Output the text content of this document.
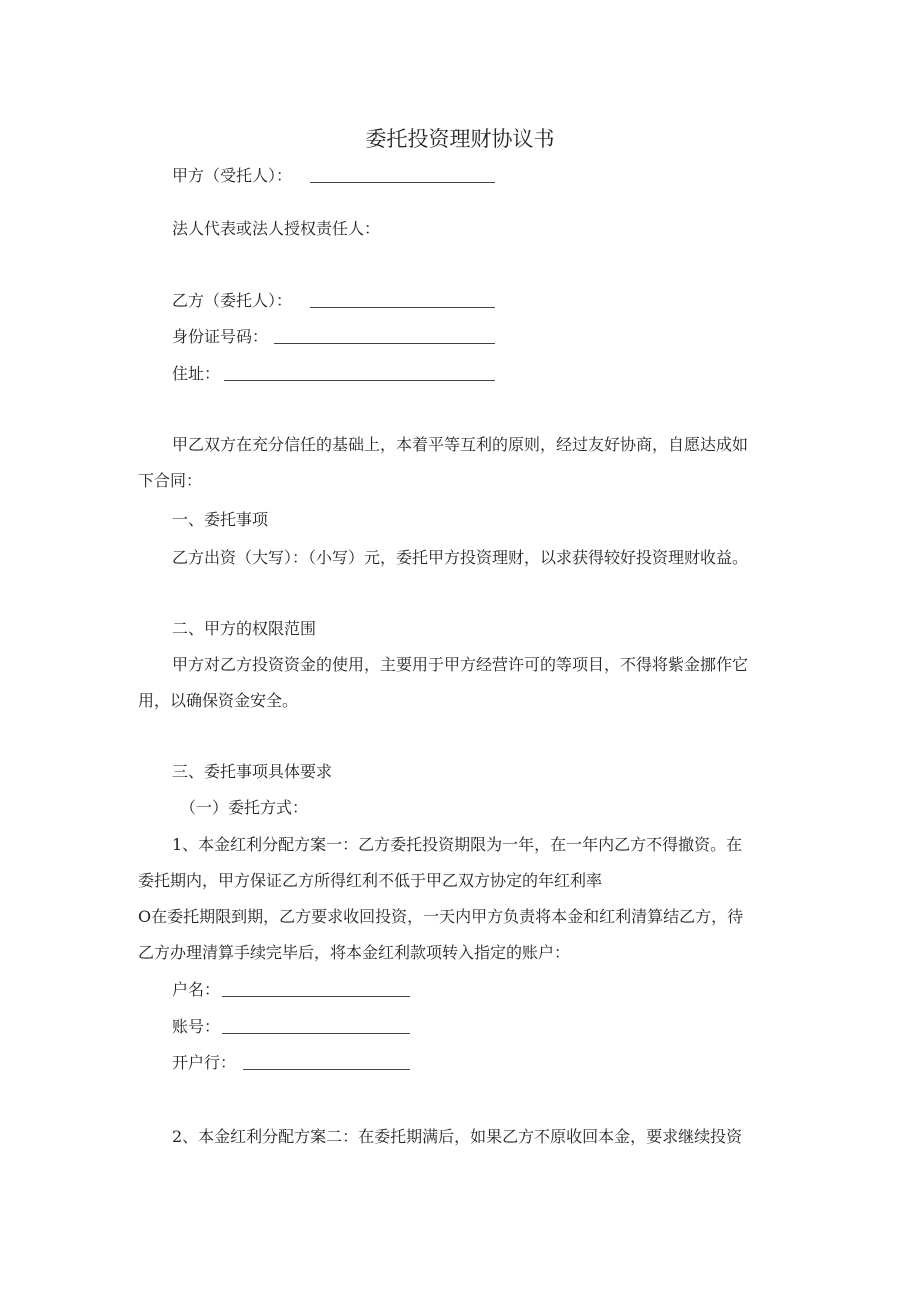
委托投资理财协议书
甲方（受托人）：
法人代表或法人授权责任人：
乙方（委托人）：
身份证号码：
住址：
甲乙双方在充分信任的基础上，本着平等互利的原则，经过友好协商，自愿达成如
下合同：
一、委托事项
乙方出资（大写）：（小写）元，委托甲方投资理财，以求获得较好投资理财收益。
二、甲方的权限范围
甲方对乙方投资资金的使用，主要用于甲方经营许可的等项目，不得将紫金挪作它
用，以确保资金安全。
三、委托事项具体要求
（一）委托方式：
1、本金红利分配方案一：乙方委托投资期限为一年，在一年内乙方不得撤资。在
委托期内，甲方保证乙方所得红利不低于甲乙双方协定的年红利率
O在委托期限到期，乙方要求收回投资，一天内甲方负责将本金和红利清算结乙方，待
乙方办理清算手续完毕后，将本金红利款项转入指定的账户：
户名：
账号：
开户行：
2、本金红利分配方案二：在委托期满后，如果乙方不原收回本金，要求继续投资
